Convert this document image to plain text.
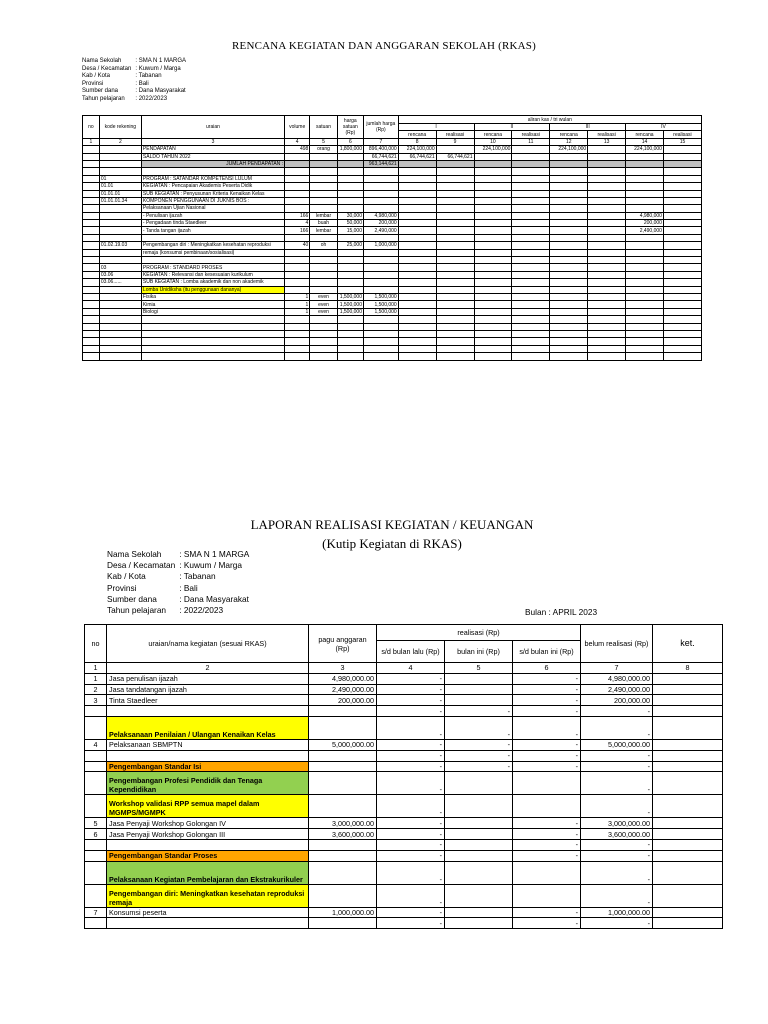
RENCANA KEGIATAN DAN ANGGARAN SEKOLAH (RKAS)
Nama Sekolah	: SMA N 1 MARGA
Desa / Kecamatan	: Kuwum / Marga
Kab / Kota	: Tabanan
Provinsi	: Bali
Sumber dana	: Dana Masyarakat
Tahun pelajaran	: 2022/2023
no	kode rekening	uraian	volume	satuan	harga satuan (Rp)	jumlah harga (Rp)	aliran kas / tri wulan							
							I		II		III		IV	
							rencana	realisasi	rencana	realisasi	rencana	realisasi	rencana	realisasi
1	2	3	4	5	6	7	8	9	10	11	12	13	14	15
		PENDAPATAN	498	orang	1,800,000	896,400,000	224,100,000		224,100,000		224,100,000		224,100,000	
		SALDO TAHUN 2022				66,744,621	66,744,621	66,744,621						
		JUMLAH PENDAPATAN :				963,144,621								

	01	PROGRAM : SATANDAR KOMPETENSI LULUM												
	01.01	KEGIATAN : Pencapaian Akademis Peserta Didik												
	01.01.01	SUB KEGIATAN : Penyusunan Kriteria Kenaikan Kelas												
	01.01.01.34	KOMPONEN PENGGUNAAN DI JUKNIS BOS :												
		Pelaksanaan Ujian Nasional												
		- Penulisan ijazah	166	lembar	30,000	4,980,000							4,980,000	
		- Pengadaan tinda Staedleer	4	buah	50,000	200,000							200,000	
		- Tanda tangan ijazah	166	lembar	15,000	2,490,000							2,490,000	

	01.02.19.03	Pengembangan diri : Meningkatkan kesehatan reproduksi	40	oh	25,000	1,000,000								
		remaja (konsumsi pembinaan/sosialisasi)												

	03	PROGRAM : STANDARD PROSES												
	03.06	KEGIATAN : Relevansi dan kesesuaian kurikulum												
	03.06......	SUB KEGIATAN : Lomba akademik dan non akademik												
		Lomba Unidiksha (itu penggunaan dananya)												
		Fisika	1	even	1,500,000	1,500,000								
		Kimia	1	even	1,500,000	1,500,000								
		Biologi	1	even	1,500,000	1,500,000								

LAPORAN REALISASI KEGIATAN / KEUANGAN
(Kutip Kegiatan di RKAS)
Nama Sekolah	: SMA N 1 MARGA
Desa / Kecamatan	: Kuwum / Marga
Kab / Kota	: Tabanan
Provinsi	: Bali
Sumber dana	: Dana Masyarakat
Tahun pelajaran	: 2022/2023	Bulan : APRIL 2023
no	uraian/nama kegiatan (sesuai RKAS)	pagu anggaran (Rp)	realisasi (Rp)			belum realisasi (Rp)	ket.
			s/d bulan lalu (Rp)	bulan ini (Rp)	s/d bulan ini (Rp)		
1	2	3	4	5	6	7	8
1	Jasa penulisan ijazah	4,980,000.00	-		-	4,980,000.00	
2	Jasa tandatangan ijazah	2,490,000.00	-		-	2,490,000.00	
3	Tinta Staedleer	200,000.00	-		-	200,000.00	
			-	-	-	-	
	Pelaksanaan Penilaian / Ulangan Kenaikan Kelas		-	-	-	-	
4	Pelaksanaan SBMPTN	5,000,000.00	-	-	-	5,000,000.00	
			-	-	-	-	
	Pengembangan Standar Isi		-	-	-	-	
	Pengembangan Profesi Pendidik dan Tenaga Kependidikan		-			-	
	Workshop validasi RPP semua mapel dalam MGMPS/MGMPK		-			-	
5	Jasa Penyaji Workshop Golongan IV	3,000,000.00	-		-	3,000,000.00	
6	Jasa Penyaji Workshop Golongan III	3,600,000.00	-		-	3,600,000.00	
			-		-	-	
	Pengembangan Standar Proses		-		-	-	
	Pelaksanaan Kegiatan Pembelajaran dan Ekstrakurikuler		-			-	
	Pengembangan diri: Meningkatkan kesehatan reproduksi remaja		-			-	
7	Konsumsi peserta	1,000,000.00	-		-	1,000,000.00	
			-		-	-	
